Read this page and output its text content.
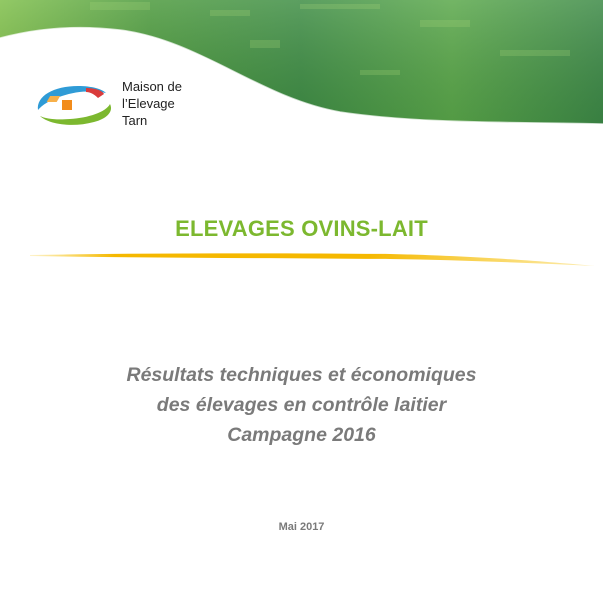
Maison de
l’Elevage
Tarn
ELEVAGES OVINS-LAIT
Résultats techniques et économiques
des élevages en contrôle laitier
Campagne 2016
Mai 2017
